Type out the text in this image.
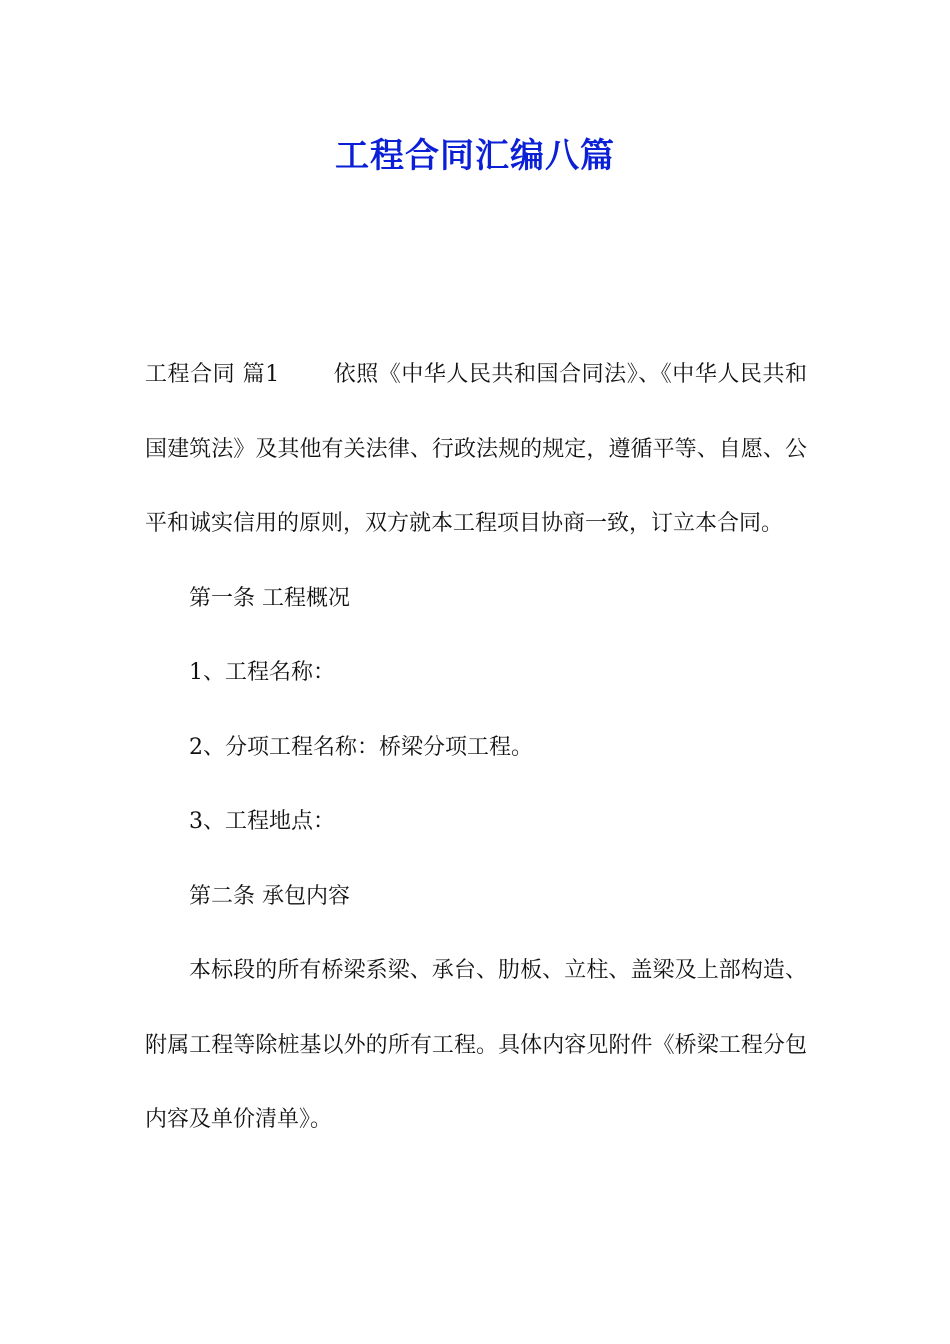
工程合同汇编八篇

工程合同 篇1 依照《中华人民共和国合同法》、《中华人民共和国建筑法》及其他有关法律、行政法规的规定，遵循平等、自愿、公平和诚实信用的原则，双方就本工程项目协商一致，订立本合同。

第一条 工程概况

1、工程名称：

2、分项工程名称：桥梁分项工程。

3、工程地点：

第二条 承包内容

本标段的所有桥梁系梁、承台、肋板、立柱、盖梁及上部构造、附属工程等除桩基以外的所有工程。具体内容见附件《桥梁工程分包内容及单价清单》。
